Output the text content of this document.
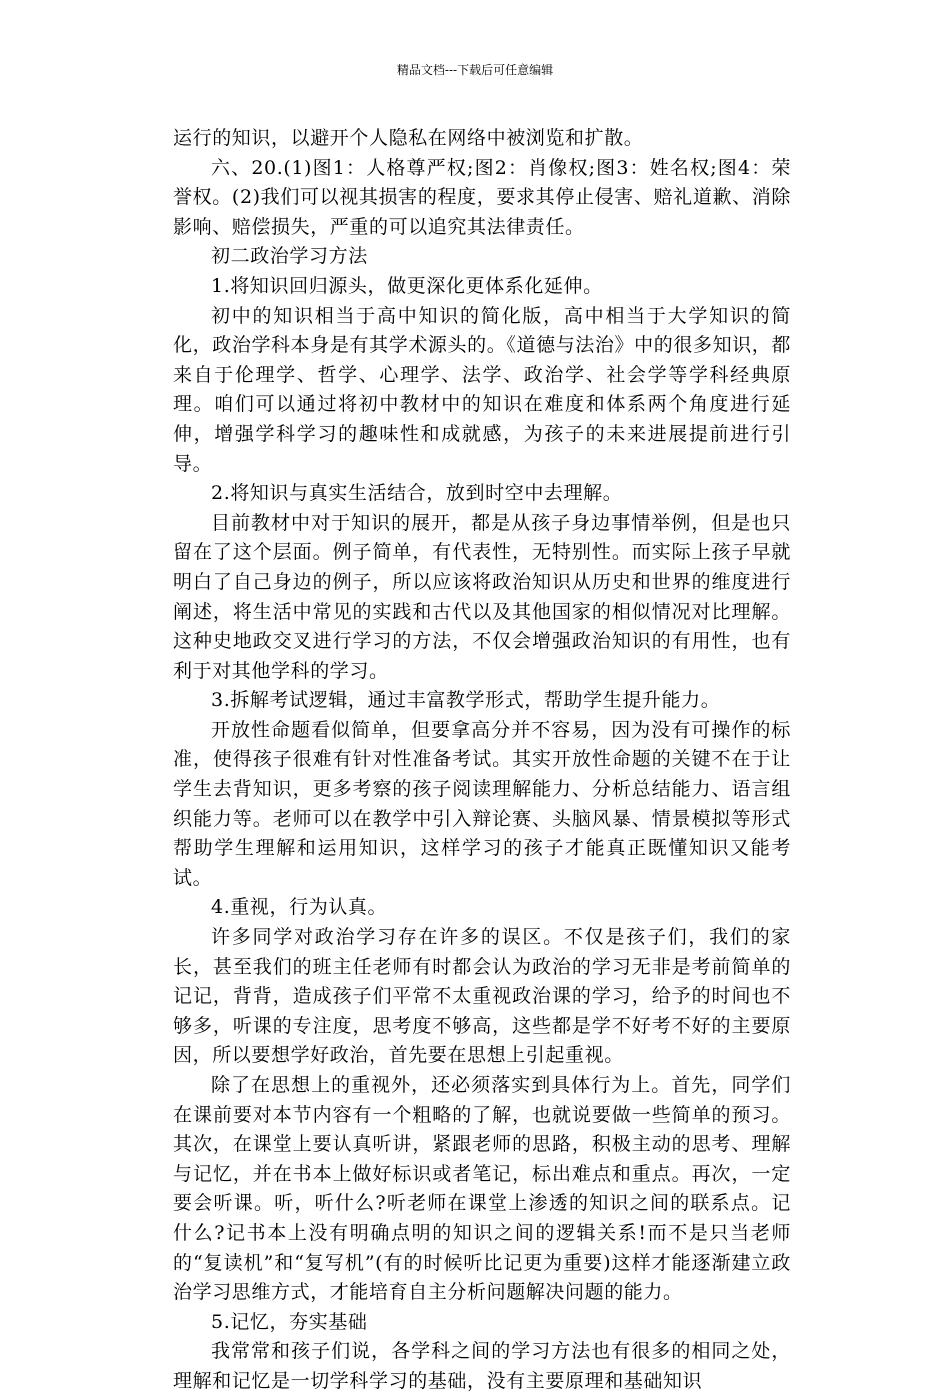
精品文档---下载后可任意编辑

运行的知识，以避开个人隐私在网络中被浏览和扩散。

六、20.(1)图1：人格尊严权;图2：肖像权;图3：姓名权;图4：荣誉权。(2)我们可以视其损害的程度，要求其停止侵害、赔礼道歉、消除影响、赔偿损失，严重的可以追究其法律责任。

初二政治学习方法

1.将知识回归源头，做更深化更体系化延伸。

初中的知识相当于高中知识的简化版，高中相当于大学知识的简化，政治学科本身是有其学术源头的。《道德与法治》中的很多知识，都来自于伦理学、哲学、心理学、法学、政治学、社会学等学科经典原理。咱们可以通过将初中教材中的知识在难度和体系两个角度进行延伸，增强学科学习的趣味性和成就感，为孩子的未来进展提前进行引导。

2.将知识与真实生活结合，放到时空中去理解。

目前教材中对于知识的展开，都是从孩子身边事情举例，但是也只留在了这个层面。例子简单，有代表性，无特别性。而实际上孩子早就明白了自己身边的例子，所以应该将政治知识从历史和世界的维度进行阐述，将生活中常见的实践和古代以及其他国家的相似情况对比理解。这种史地政交叉进行学习的方法，不仅会增强政治知识的有用性，也有利于对其他学科的学习。

3.拆解考试逻辑，通过丰富教学形式，帮助学生提升能力。

开放性命题看似简单，但要拿高分并不容易，因为没有可操作的标准，使得孩子很难有针对性准备考试。其实开放性命题的关键不在于让学生去背知识，更多考察的孩子阅读理解能力、分析总结能力、语言组织能力等。老师可以在教学中引入辩论赛、头脑风暴、情景模拟等形式帮助学生理解和运用知识，这样学习的孩子才能真正既懂知识又能考试。

4.重视，行为认真。

许多同学对政治学习存在许多的误区。不仅是孩子们，我们的家长，甚至我们的班主任老师有时都会认为政治的学习无非是考前简单的记记，背背，造成孩子们平常不太重视政治课的学习，给予的时间也不够多，听课的专注度，思考度不够高，这些都是学不好考不好的主要原因，所以要想学好政治，首先要在思想上引起重视。

除了在思想上的重视外，还必须落实到具体行为上。首先，同学们在课前要对本节内容有一个粗略的了解，也就说要做一些简单的预习。其次，在课堂上要认真听讲，紧跟老师的思路，积极主动的思考、理解与记忆，并在书本上做好标识或者笔记，标出难点和重点。再次，一定要会听课。听，听什么?听老师在课堂上渗透的知识之间的联系点。记什么?记书本上没有明确点明的知识之间的逻辑关系!而不是只当老师的“复读机”和“复写机”(有的时候听比记更为重要)这样才能逐渐建立政治学习思维方式，才能培育自主分析问题解决问题的能力。

5.记忆，夯实基础

我常常和孩子们说，各学科之间的学习方法也有很多的相同之处，理解和记忆是一切学科学习的基础，没有主要原理和基础知识
